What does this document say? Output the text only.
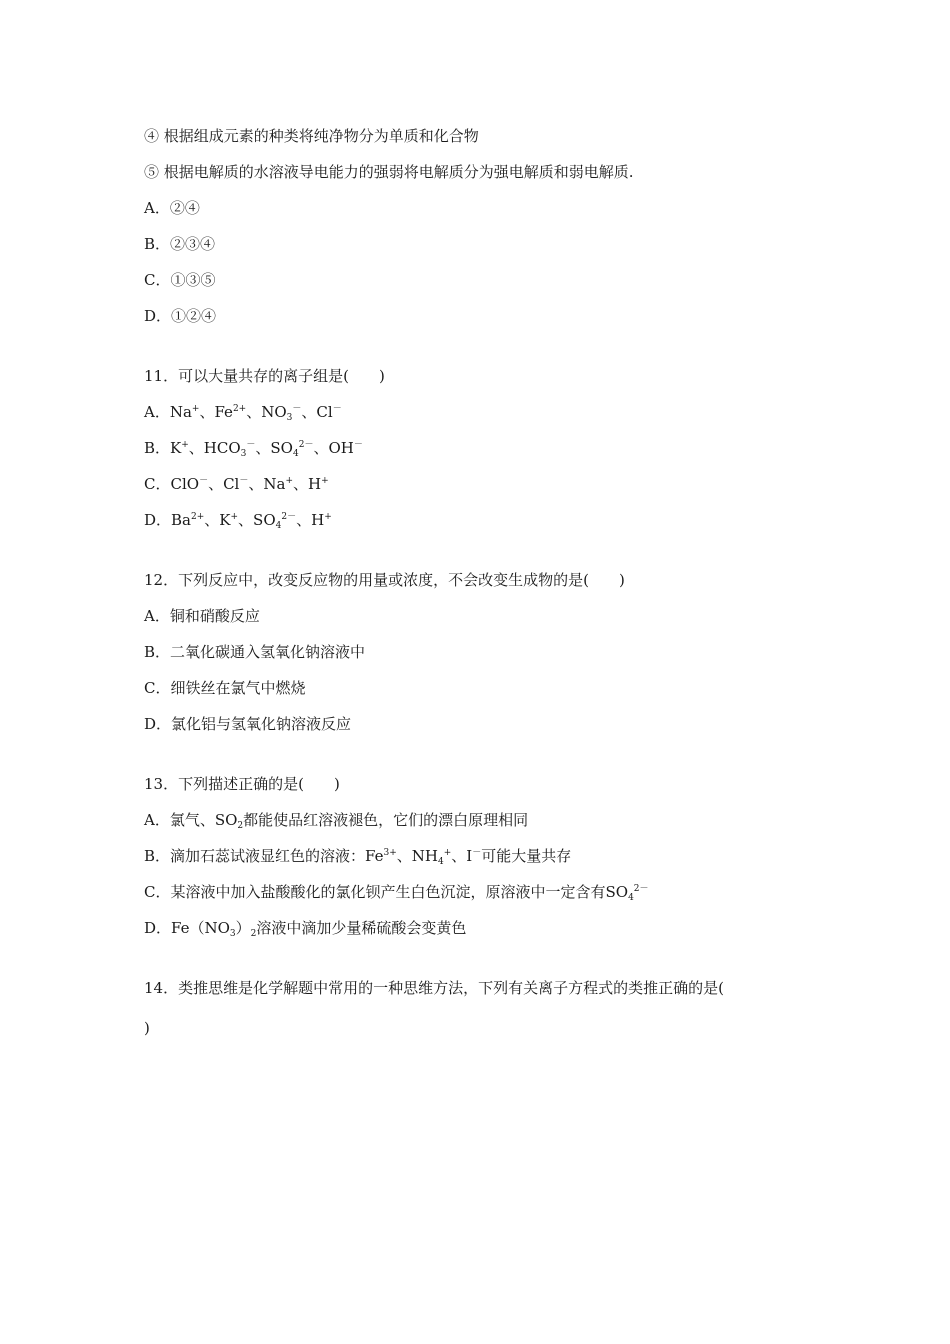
④ 根据组成元素的种类将纯净物分为单质和化合物
⑤ 根据电解质的水溶液导电能力的强弱将电解质分为强电解质和弱电解质.
A．②④
B．②③④
C．①③⑤
D．①②④
11．可以大量共存的离子组是(　　)
A．Na+、$Fe^{2+}$、$NO_3^-$、Cl－
B．K+、$HCO_3^-$、$SO_4^{2-}$、OH－
C．ClO－、Cl－、Na+、H+
D．$Ba^{2+}$、K+、$SO_4^{2-}$、H+
12．下列反应中，改变反应物的用量或浓度，不会改变生成物的是(　　)
A．铜和硝酸反应
B．二氧化碳通入氢氧化钠溶液中
C．细铁丝在氯气中燃烧
D．氯化铝与氢氧化钠溶液反应
13．下列描述正确的是(　　)
A．氯气、$SO_2$都能使品红溶液褪色，它们的漂白原理相同
B．滴加石蕊试液显红色的溶液：$Fe^{3+}$、$NH_4^+$、I－可能大量共存
C．某溶液中加入盐酸酸化的氯化钡产生白色沉淀，原溶液中一定含有$SO_4^{2-}$
D．$Fe(NO_3)_2$溶液中滴加少量稀硫酸会变黄色
14．类推思维是化学解题中常用的一种思维方法，下列有关离子方程式的类推正确的是(
)
